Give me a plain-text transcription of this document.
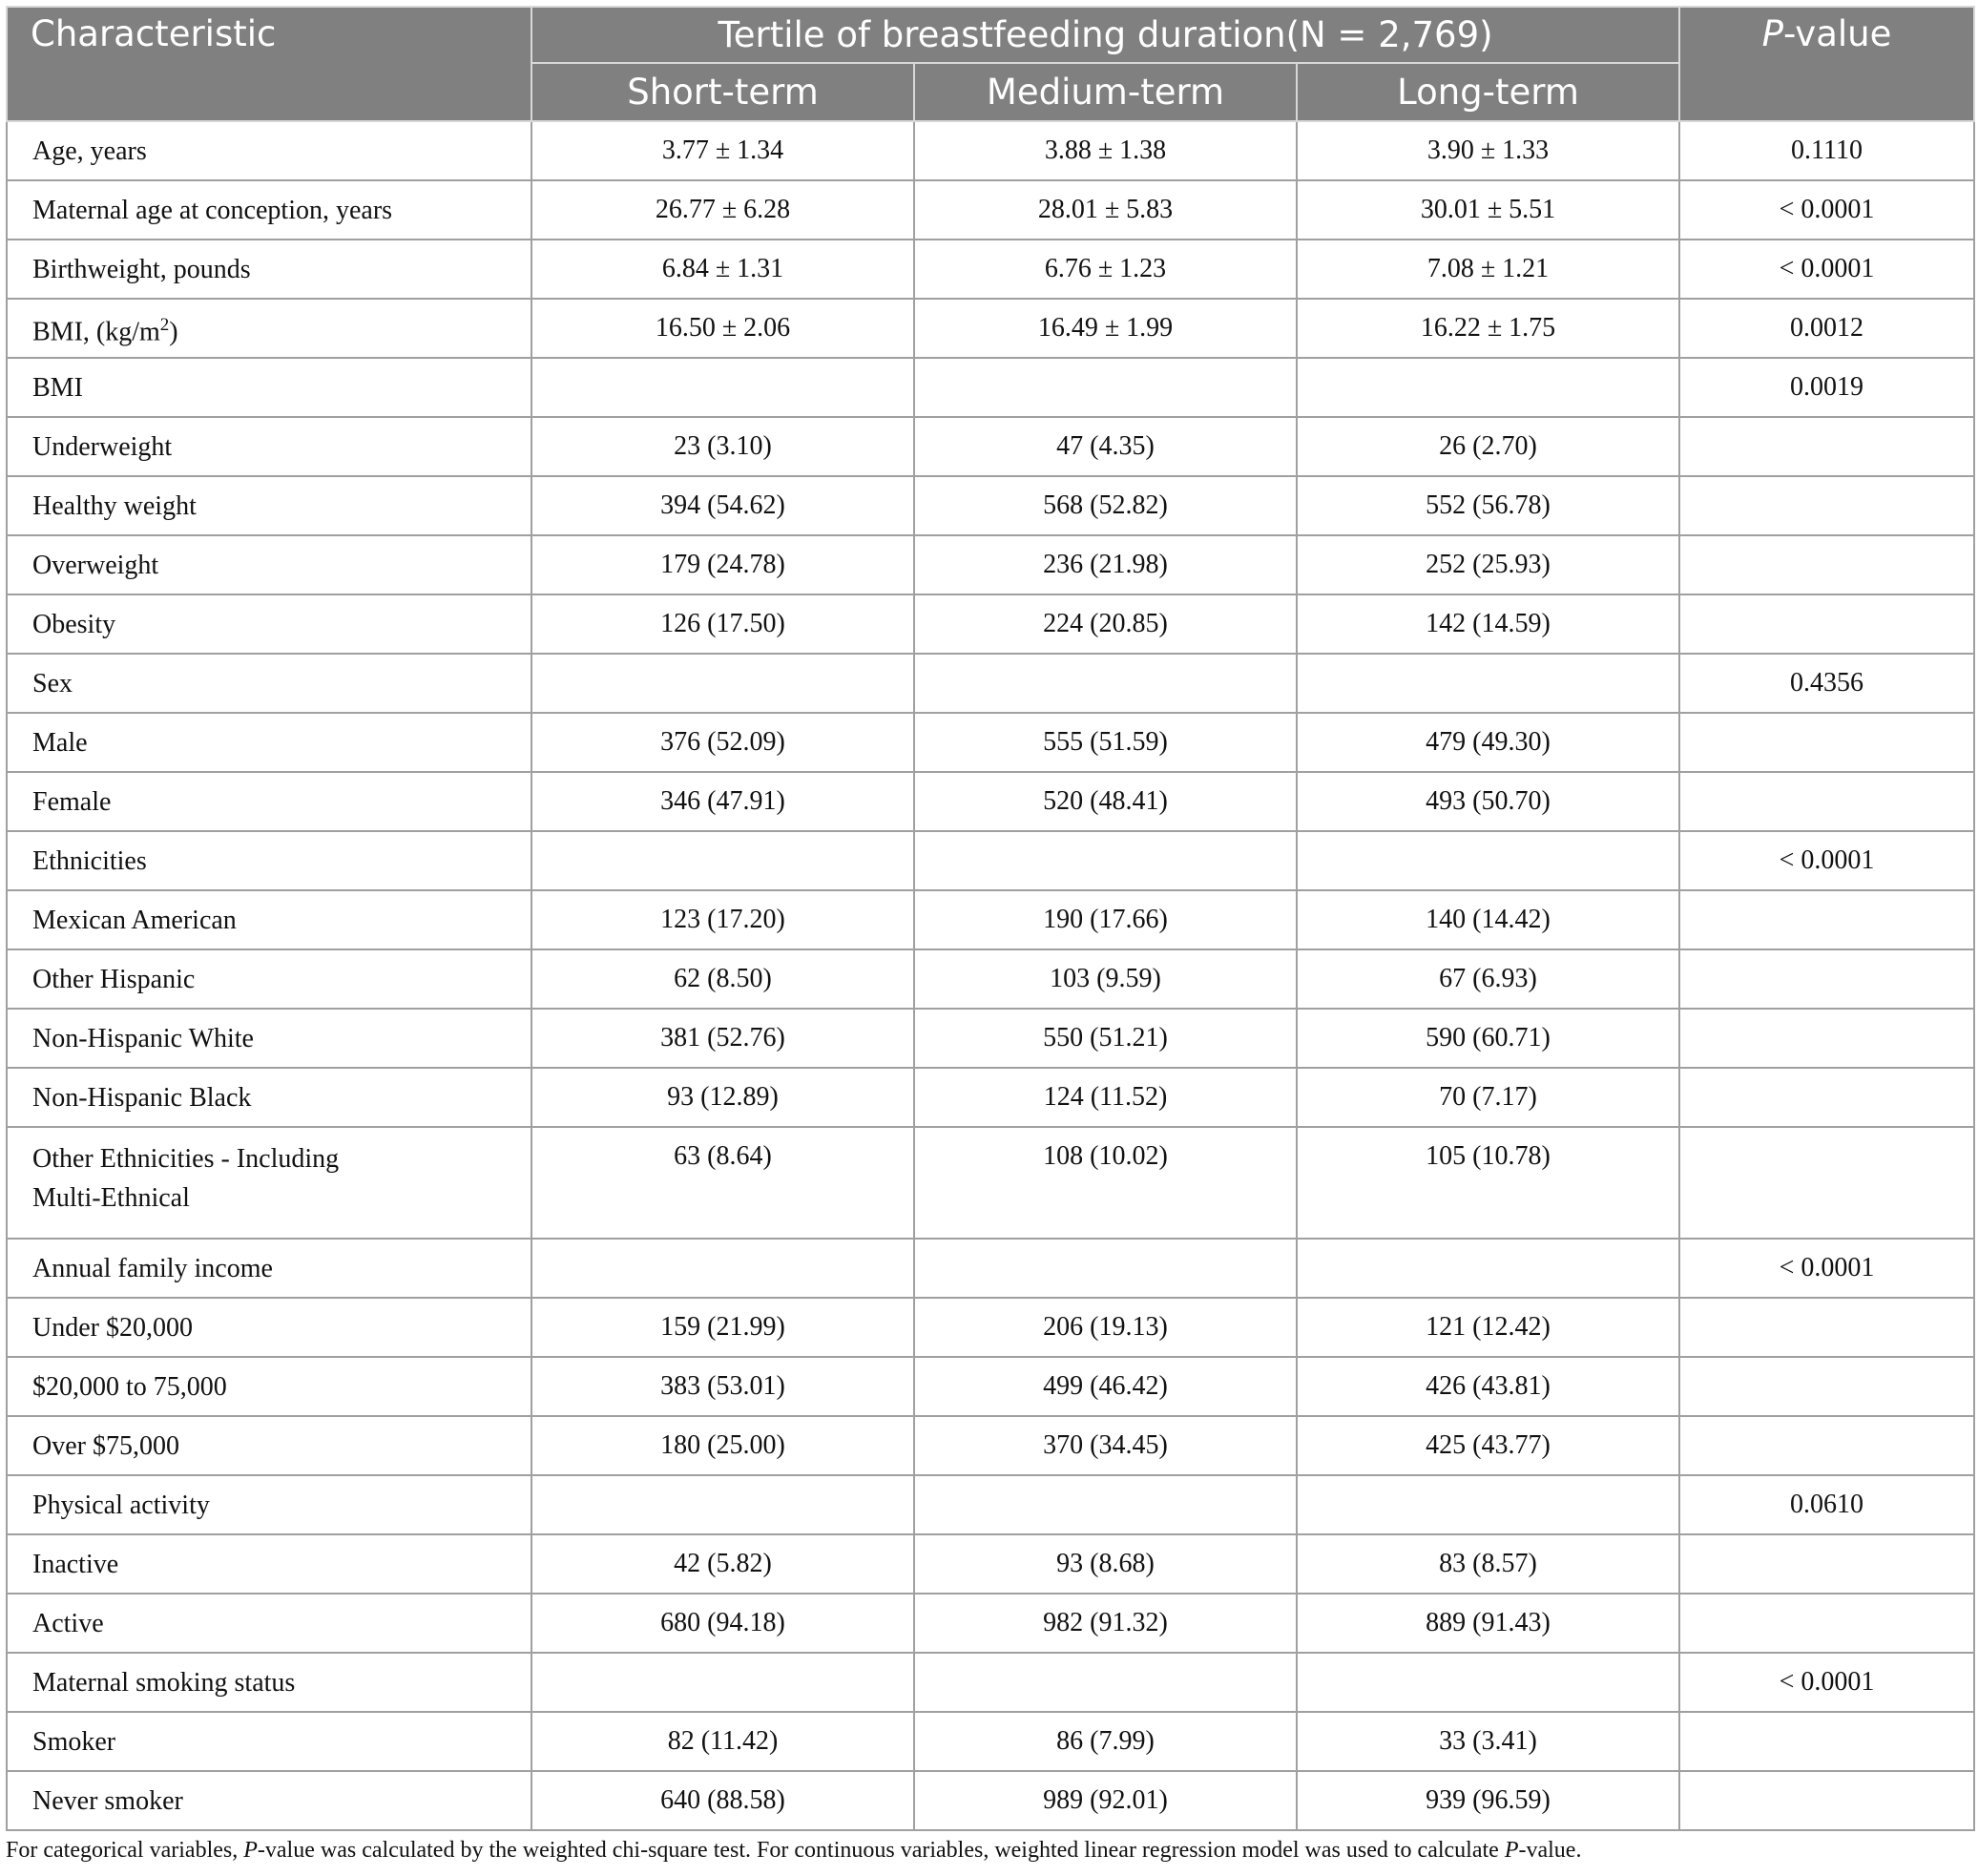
Characteristic	Tertile of breastfeeding duration(N = 2,769)			P-value
	Short-term	Medium-term	Long-term	
Age, years	3.77 ± 1.34	3.88 ± 1.38	3.90 ± 1.33	0.1110
Maternal age at conception, years	26.77 ± 6.28	28.01 ± 5.83	30.01 ± 5.51	< 0.0001
Birthweight, pounds	6.84 ± 1.31	6.76 ± 1.23	7.08 ± 1.21	< 0.0001
BMI, $(kg/m^2)$	16.50 ± 2.06	16.49 ± 1.99	16.22 ± 1.75	0.0012
BMI				0.0019
Underweight	23 (3.10)	47 (4.35)	26 (2.70)	
Healthy weight	394 (54.62)	568 (52.82)	552 (56.78)	
Overweight	179 (24.78)	236 (21.98)	252 (25.93)	
Obesity	126 (17.50)	224 (20.85)	142 (14.59)	
Sex				0.4356
Male	376 (52.09)	555 (51.59)	479 (49.30)	
Female	346 (47.91)	520 (48.41)	493 (50.70)	
Ethnicities				< 0.0001
Mexican American	123 (17.20)	190 (17.66)	140 (14.42)	
Other Hispanic	62 (8.50)	103 (9.59)	67 (6.93)	
Non-Hispanic White	381 (52.76)	550 (51.21)	590 (60.71)	
Non-Hispanic Black	93 (12.89)	124 (11.52)	70 (7.17)	

Other Ethnicities - Including
Multi-Ethnical	63 (8.64)	108 (10.02)	105 (10.78)	
Annual family income				< 0.0001
Under $20,000	159 (21.99)	206 (19.13)	121 (12.42)	
$20,000 to 75,000	383 (53.01)	499 (46.42)	426 (43.81)	
Over $75,000	180 (25.00)	370 (34.45)	425 (43.77)	
Physical activity				0.0610
Inactive	42 (5.82)	93 (8.68)	83 (8.57)	
Active	680 (94.18)	982 (91.32)	889 (91.43)	
Maternal smoking status				< 0.0001
Smoker	82 (11.42)	86 (7.99)	33 (3.41)	
Never smoker	640 (88.58)	989 (92.01)	939 (96.59)	
For categorical variables, P-value was calculated by the weighted chi-square test. For continuous variables, weighted linear regression model was used to calculate P-value.
